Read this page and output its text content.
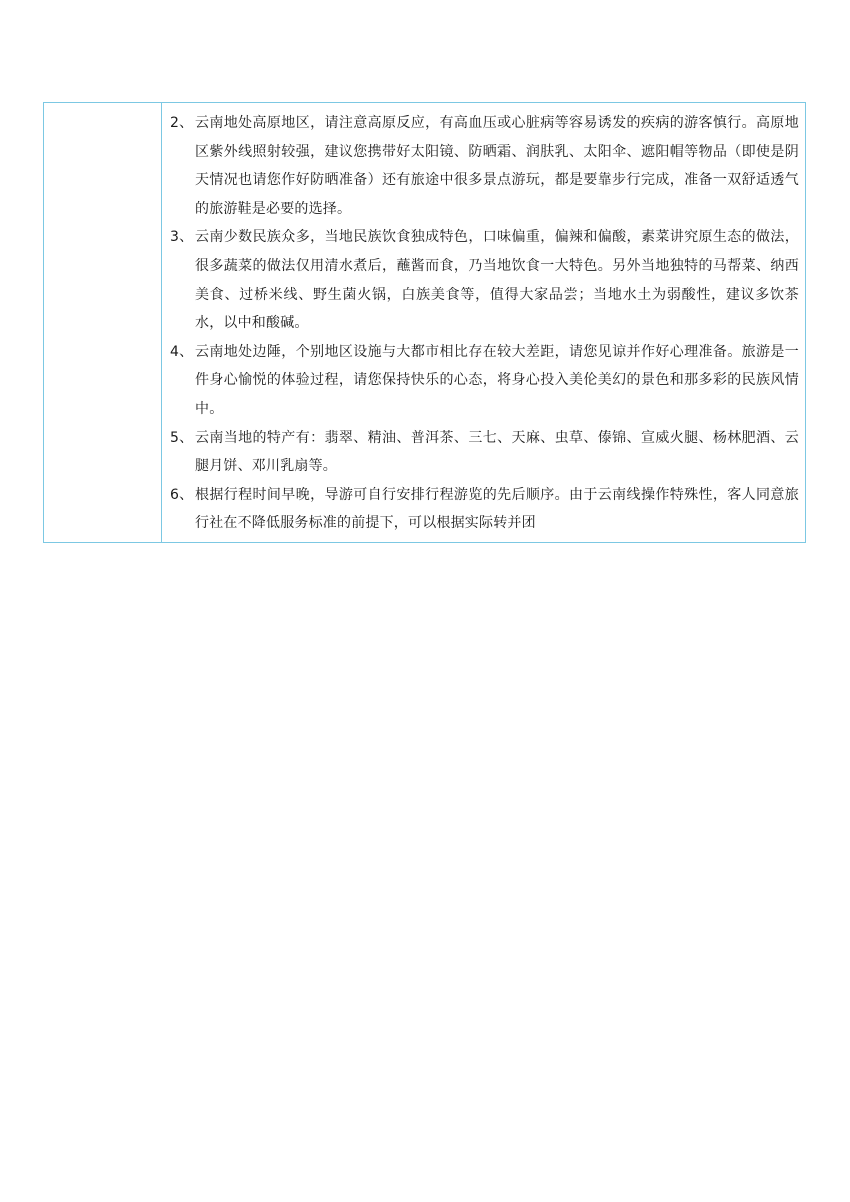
2、 云南地处高原地区，请注意高原反应，有高血压或心脏病等容易诱发的疾病的游客慎行。高原地区紫外线照射较强，建议您携带好太阳镜、防晒霜、润肤乳、太阳伞、遮阳帽等物品（即使是阴天情况也请您作好防晒准备）还有旅途中很多景点游玩，都是要靠步行完成，准备一双舒适透气的旅游鞋是必要的选择。
3、 云南少数民族众多，当地民族饮食独成特色，口味偏重，偏辣和偏酸，素菜讲究原生态的做法，很多蔬菜的做法仅用清水煮后，蘸酱而食，乃当地饮食一大特色。另外当地独特的马帮菜、纳西美食、过桥米线、野生菌火锅，白族美食等，值得大家品尝；当地水土为弱酸性，建议多饮茶水，以中和酸碱。
4、 云南地处边陲，个别地区设施与大都市相比存在较大差距，请您见谅并作好心理准备。旅游是一件身心愉悦的体验过程，请您保持快乐的心态，将身心投入美伦美幻的景色和那多彩的民族风情中。
5、 云南当地的特产有：翡翠、精油、普洱茶、三七、天麻、虫草、傣锦、宣威火腿、杨林肥酒、云腿月饼、邓川乳扇等。
6、 根据行程时间早晚，导游可自行安排行程游览的先后顺序。由于云南线操作特殊性，客人同意旅行社在不降低服务标准的前提下，可以根据实际转并团
